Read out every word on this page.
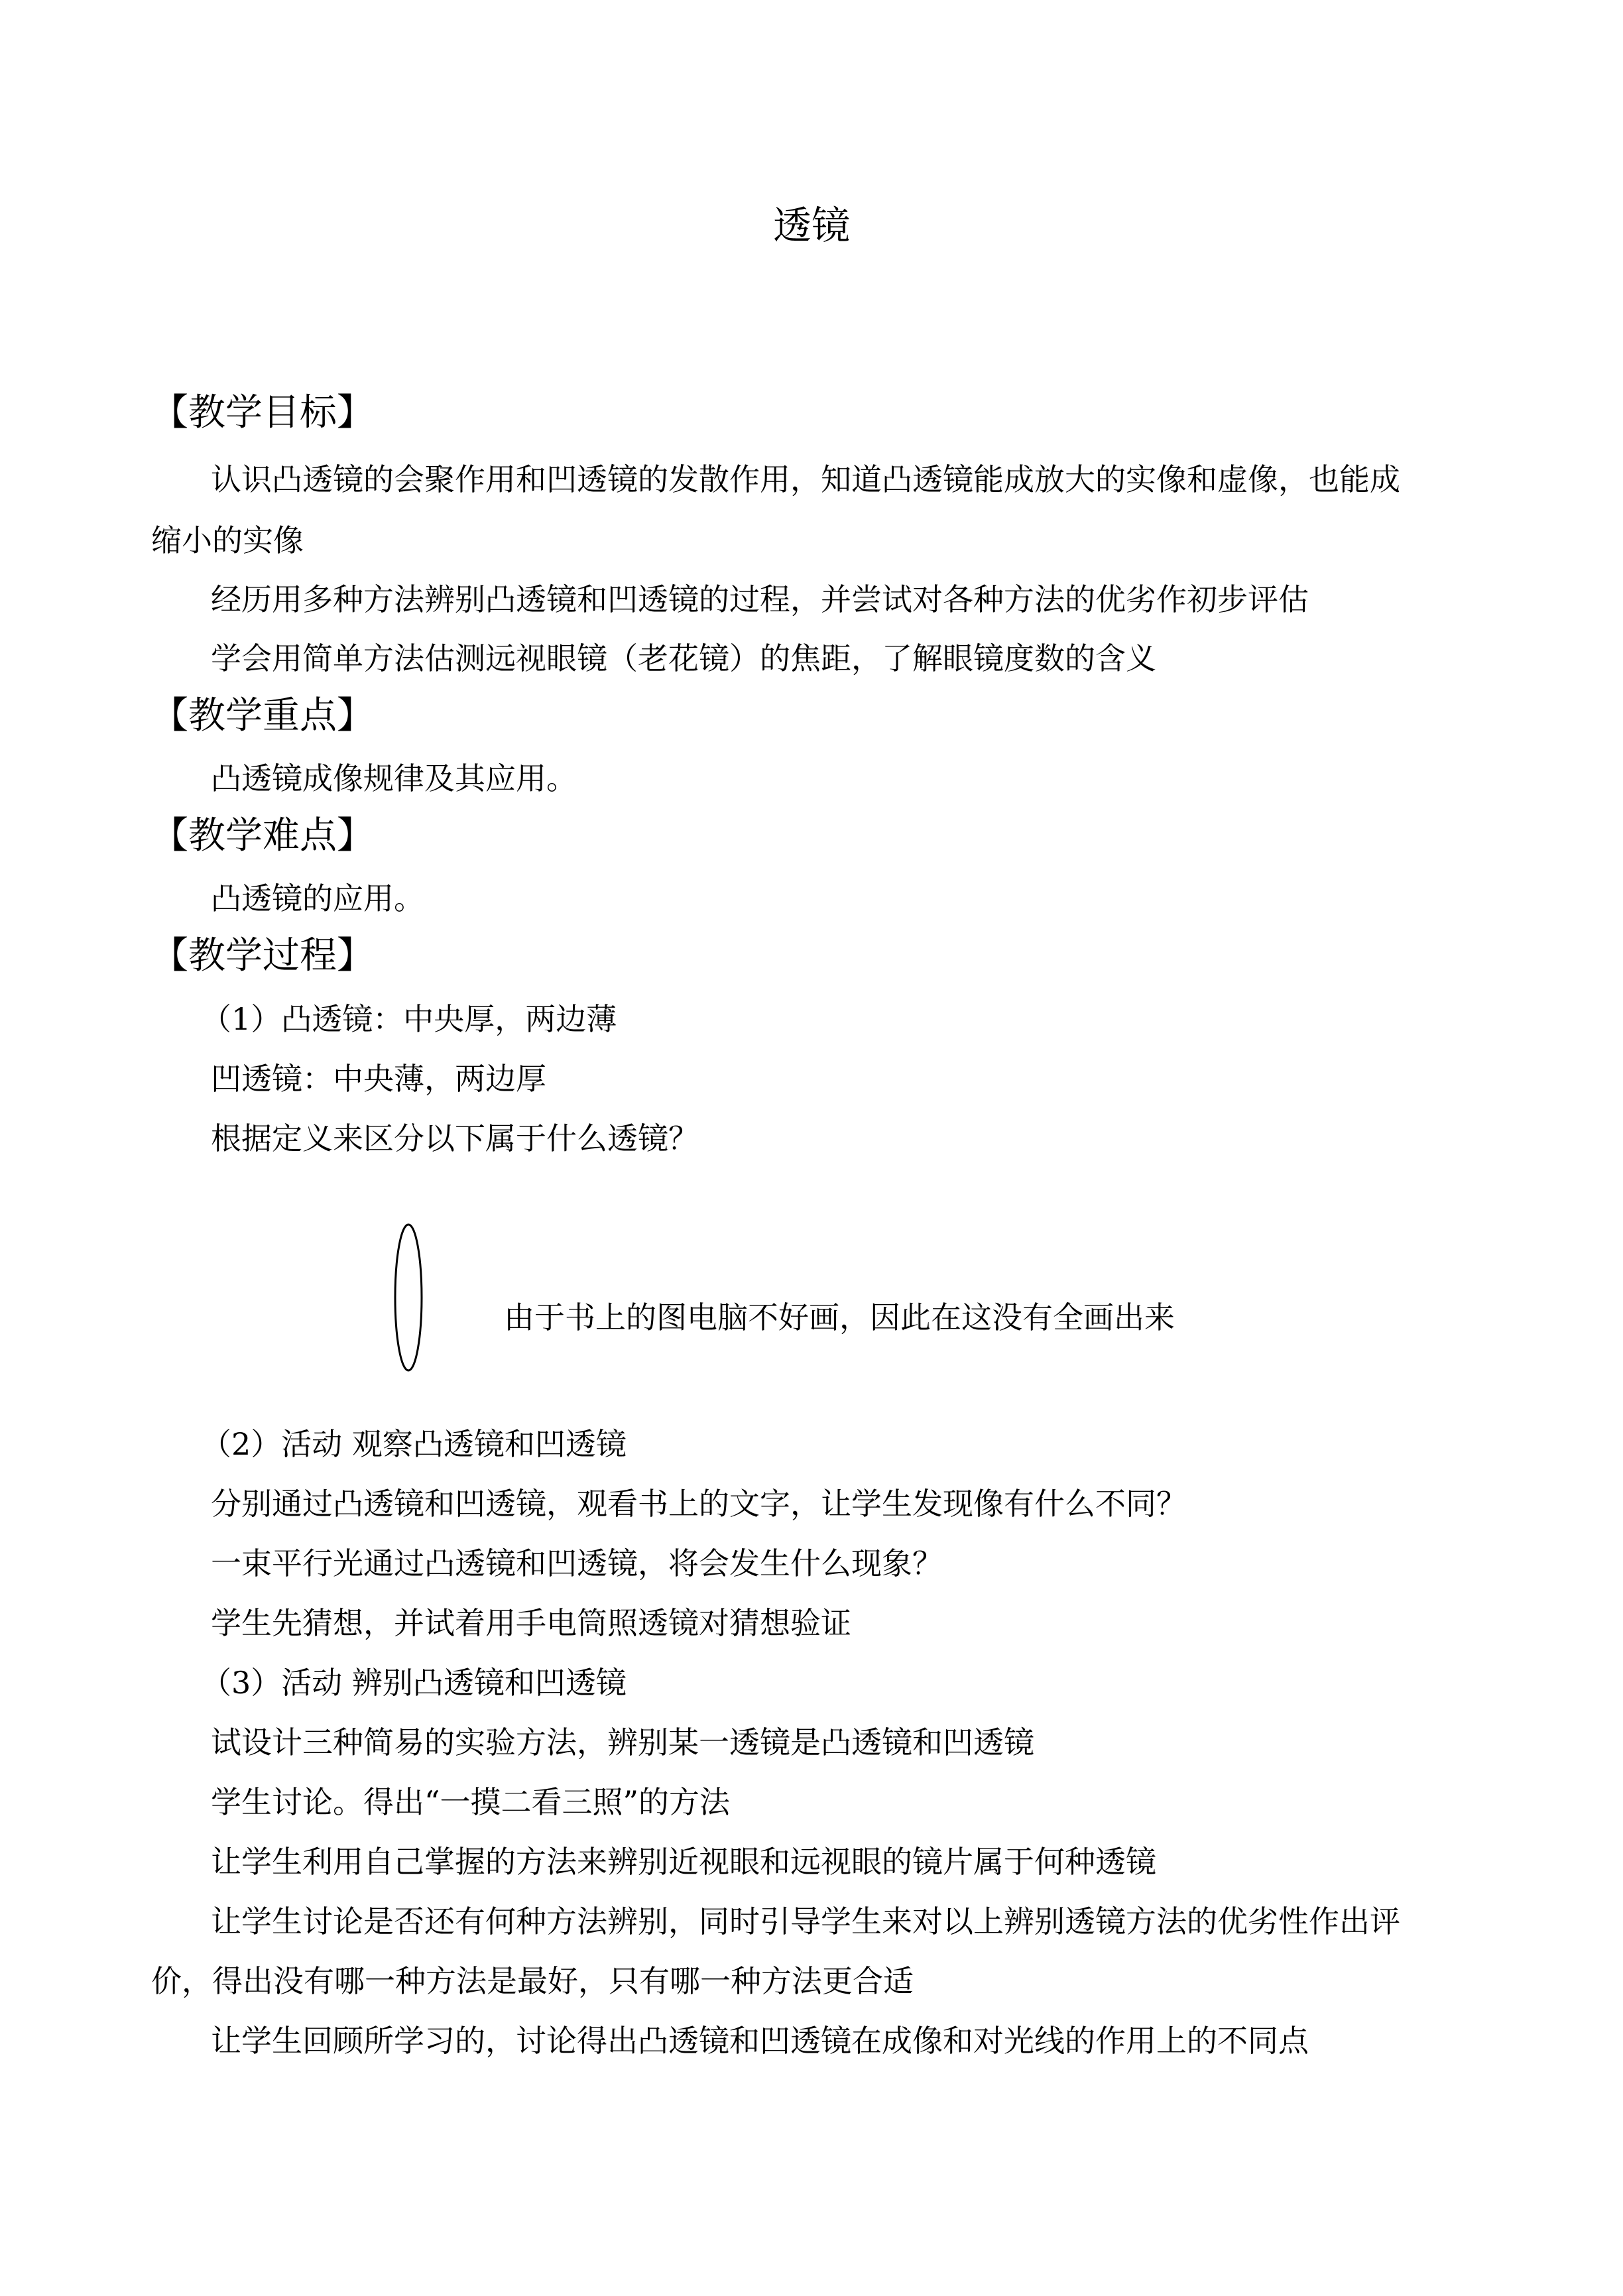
透镜
【教学目标】
认识凸透镜的会聚作用和凹透镜的发散作用，知道凸透镜能成放大的实像和虚像，也能成
缩小的实像
经历用多种方法辨别凸透镜和凹透镜的过程，并尝试对各种方法的优劣作初步评估
学会用简单方法估测远视眼镜（老花镜）的焦距，了解眼镜度数的含义
【教学重点】
凸透镜成像规律及其应用。
【教学难点】
凸透镜的应用。
【教学过程】
（1）凸透镜：中央厚，两边薄
凹透镜：中央薄，两边厚
根据定义来区分以下属于什么透镜？
由于书上的图电脑不好画，因此在这没有全画出来
（2）活动 观察凸透镜和凹透镜
分别通过凸透镜和凹透镜，观看书上的文字，让学生发现像有什么不同？
一束平行光通过凸透镜和凹透镜，将会发生什么现象？
学生先猜想，并试着用手电筒照透镜对猜想验证
（3）活动 辨别凸透镜和凹透镜
试设计三种简易的实验方法，辨别某一透镜是凸透镜和凹透镜
学生讨论。得出“一摸二看三照”的方法
让学生利用自己掌握的方法来辨别近视眼和远视眼的镜片属于何种透镜
让学生讨论是否还有何种方法辨别，同时引导学生来对以上辨别透镜方法的优劣性作出评
价，得出没有哪一种方法是最好，只有哪一种方法更合适
让学生回顾所学习的，讨论得出凸透镜和凹透镜在成像和对光线的作用上的不同点
